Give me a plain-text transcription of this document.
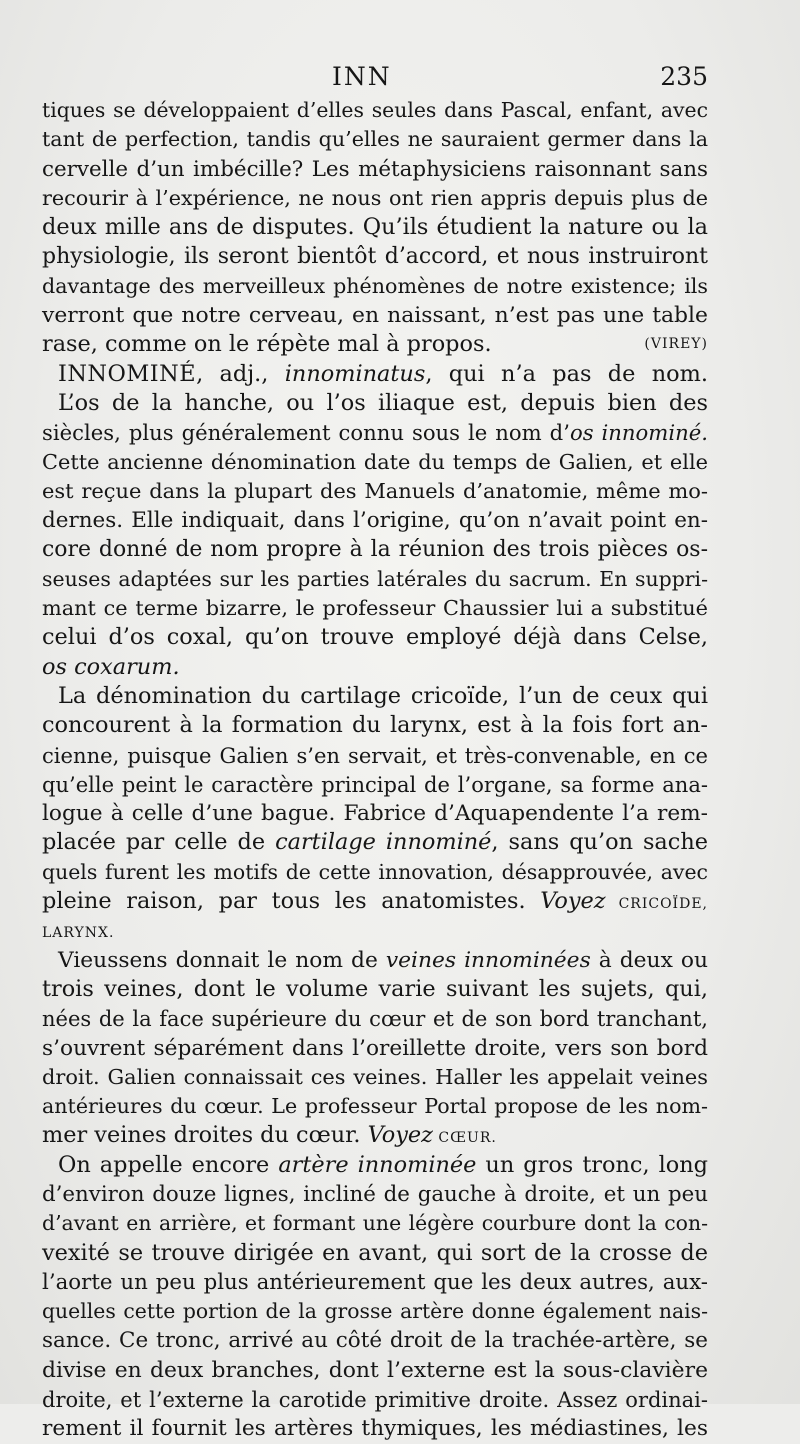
INN	235
tiques se développaient d’elles seules dans Pascal, enfant, avec
tant de perfection, tandis qu’elles ne sauraient germer dans la
cervelle d’un imbécille? Les métaphysiciens raisonnant sans
recourir à l’expérience, ne nous ont rien appris depuis plus de
deux mille ans de disputes. Qu’ils étudient la nature ou la
physiologie, ils seront bientôt d’accord, et nous instruiront
davantage des merveilleux phénomènes de notre existence; ils
verront que notre cerveau, en naissant, n’est pas une table
rase, comme on le répète mal à propos.	(VIREY)
INNOMINÉ, adj., innominatus, qui n’a pas de nom.
L’os de la hanche, ou l’os iliaque est, depuis bien des
siècles, plus généralement connu sous le nom d’os innominé.
Cette ancienne dénomination date du temps de Galien, et elle
est reçue dans la plupart des Manuels d’anatomie, même mo-
dernes. Elle indiquait, dans l’origine, qu’on n’avait point en-
core donné de nom propre à la réunion des trois pièces os-
seuses adaptées sur les parties latérales du sacrum. En suppri-
mant ce terme bizarre, le professeur Chaussier lui a substitué
celui d’os coxal, qu’on trouve employé déjà dans Celse,
os coxarum.
La dénomination du cartilage cricoïde, l’un de ceux qui
concourent à la formation du larynx, est à la fois fort an-
cienne, puisque Galien s’en servait, et très-convenable, en ce
qu’elle peint le caractère principal de l’organe, sa forme ana-
logue à celle d’une bague. Fabrice d’Aquapendente l’a rem-
placée par celle de cartilage innominé, sans qu’on sache
quels furent les motifs de cette innovation, désapprouvée, avec
pleine raison, par tous les anatomistes. Voyez CRICOÏDE,
LARYNX.
Vieussens donnait le nom de veines innominées à deux ou
trois veines, dont le volume varie suivant les sujets, qui,
nées de la face supérieure du cœur et de son bord tranchant,
s’ouvrent séparément dans l’oreillette droite, vers son bord
droit. Galien connaissait ces veines. Haller les appelait veines
antérieures du cœur. Le professeur Portal propose de les nom-
mer veines droites du cœur. Voyez CŒUR.
On appelle encore artère innominée un gros tronc, long
d’environ douze lignes, incliné de gauche à droite, et un peu
d’avant en arrière, et formant une légère courbure dont la con-
vexité se trouve dirigée en avant, qui sort de la crosse de
l’aorte un peu plus antérieurement que les deux autres, aux-
quelles cette portion de la grosse artère donne également nais-
sance. Ce tronc, arrivé au côté droit de la trachée-artère, se
divise en deux branches, dont l’externe est la sous-clavière
droite, et l’externe la carotide primitive droite. Assez ordinai-
rement il fournit les artères thymiques, les médiastines, les
